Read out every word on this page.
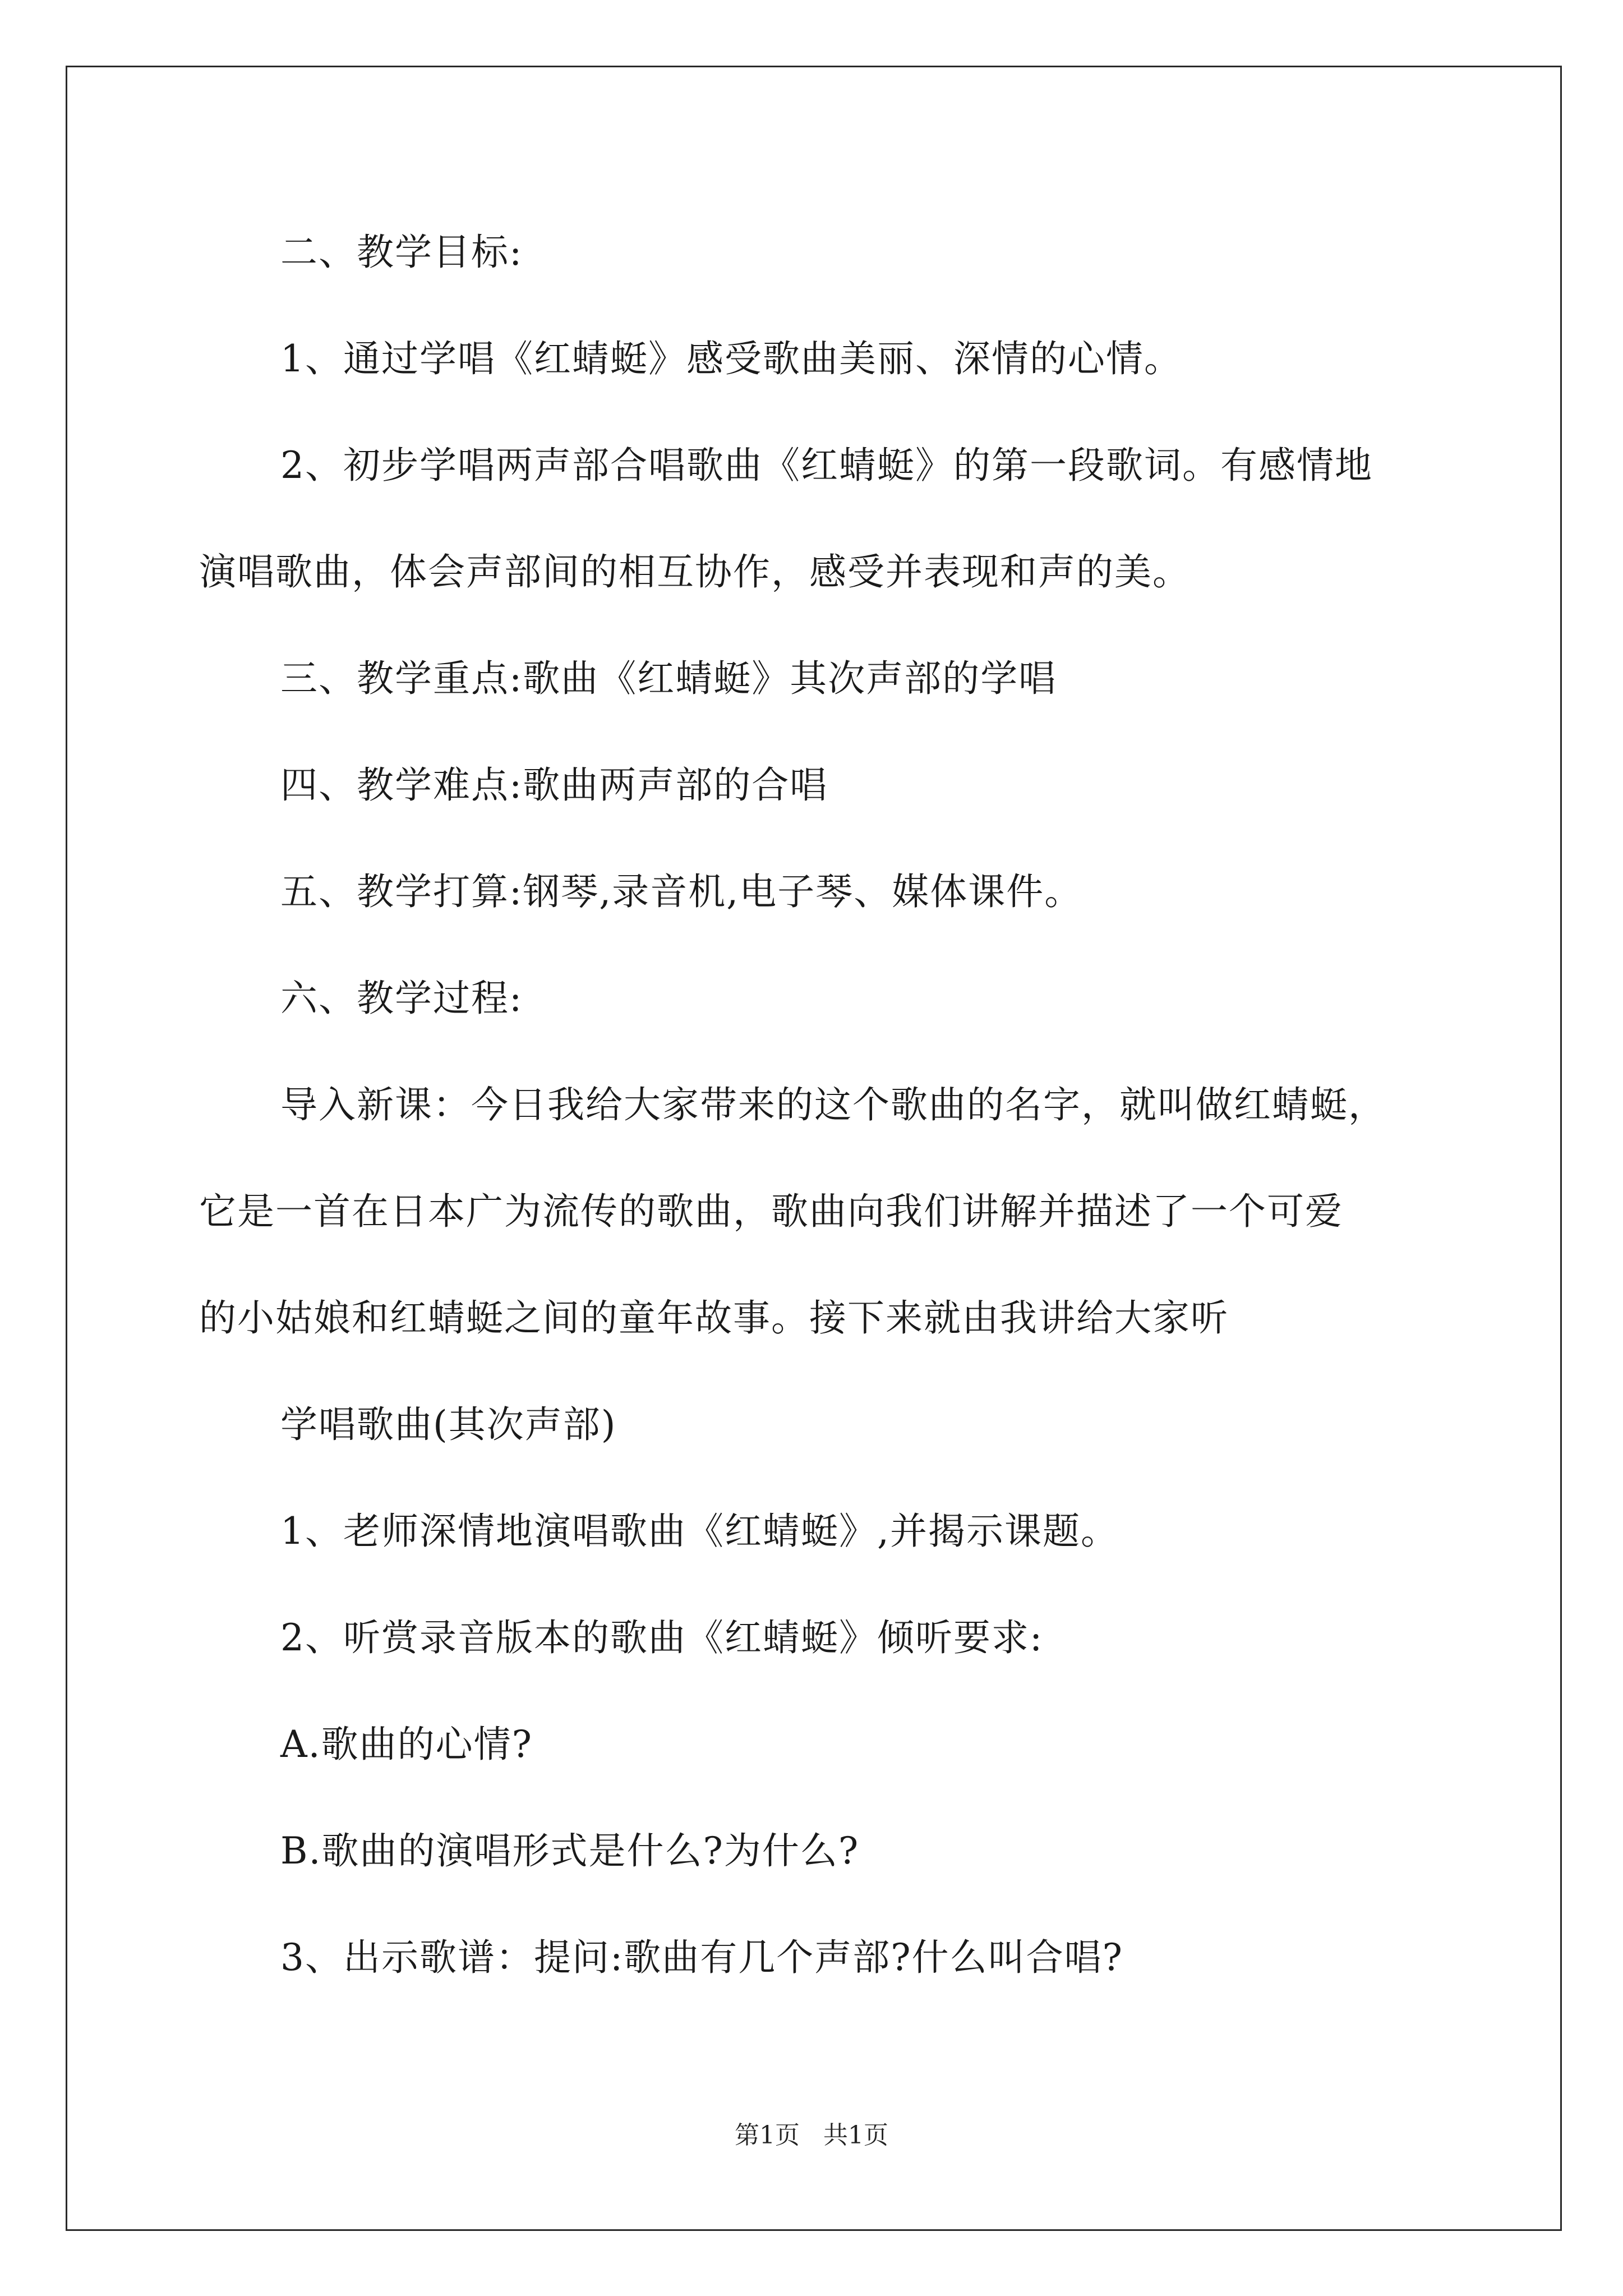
二、教学目标:
1、通过学唱《红蜻蜓》感受歌曲美丽、深情的心情。
2、初步学唱两声部合唱歌曲《红蜻蜓》的第一段歌词。有感情地
演唱歌曲，体会声部间的相互协作，感受并表现和声的美。
三、教学重点:歌曲《红蜻蜓》其次声部的学唱
四、教学难点:歌曲两声部的合唱
五、教学打算:钢琴,录音机,电子琴、媒体课件。
六、教学过程:
导入新课：今日我给大家带来的这个歌曲的名字，就叫做红蜻蜓，
它是一首在日本广为流传的歌曲，歌曲向我们讲解并描述了一个可爱
的小姑娘和红蜻蜓之间的童年故事。接下来就由我讲给大家听
学唱歌曲(其次声部)
1、老师深情地演唱歌曲《红蜻蜓》,并揭示课题。
2、听赏录音版本的歌曲《红蜻蜓》倾听要求:
A.歌曲的心情?
B.歌曲的演唱形式是什么?为什么?
3、出示歌谱：提问:歌曲有几个声部?什么叫合唱?
第1页 共1页
